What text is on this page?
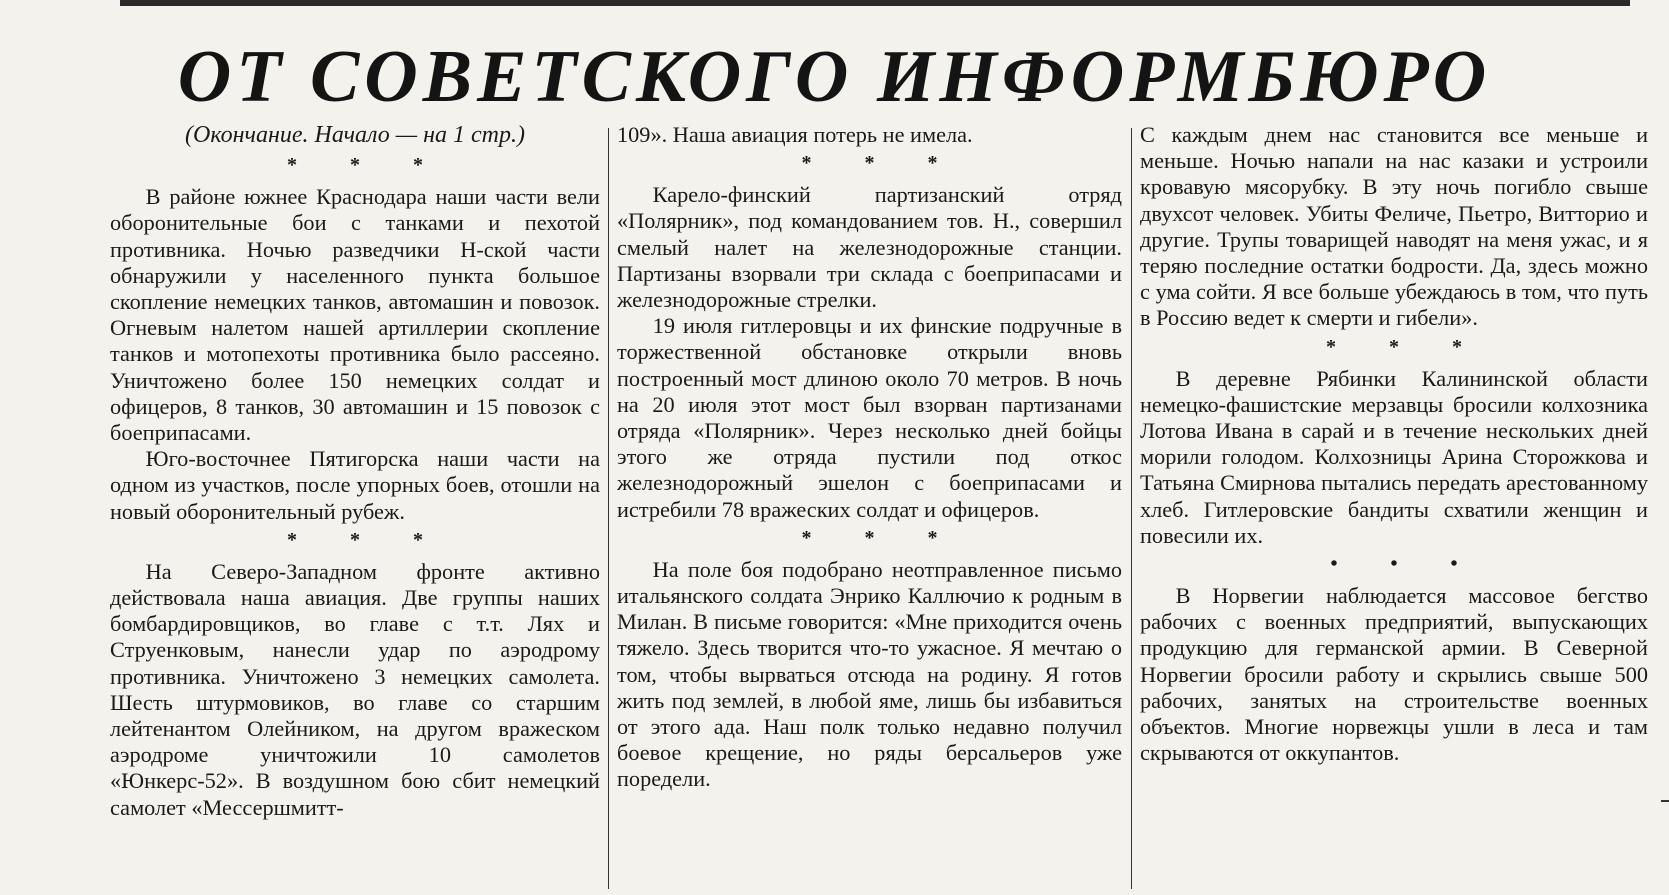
ОТ СОВЕТСКОГО ИНФОРМБЮРО

(Окончание. Начало — на 1 стр.)

* * *

В районе южнее Краснодара наши части вели оборонительные бои с танками и пехотой противника. Ночью разведчики Н-ской части обнаружили у населенного пункта большое скопление немецких танков, автомашин и повозок. Огневым налетом нашей артиллерии скопление танков и мотопехоты противника было рассеяно. Уничтожено более 150 немецких солдат и офицеров, 8 танков, 30 автомашин и 15 повозок с боеприпасами.

Юго-восточнее Пятигорска наши части на одном из участков, после упорных боев, отошли на новый оборонительный рубеж.

* * *

На Северо-Западном фронте активно действовала наша авиация. Две группы наших бомбардировщиков, во главе с т.т. Лях и Струенковым, нанесли удар по аэродрому противника. Уничтожено 3 немецких самолета. Шесть штурмовиков, во главе со старшим лейтенантом Олейником, на другом вражеском аэродроме уничтожили 10 самолетов «Юнкерс-52». В воздушном бою сбит немецкий самолет «Мессершмитт-

109». Наша авиация потерь не имела.

* * *

Карело-финский партизанский отряд «Полярник», под командованием тов. Н., совершил смелый налет на железнодорожные станции. Партизаны взорвали три склада с боеприпасами и железнодорожные стрелки.

19 июля гитлеровцы и их финские подручные в торжественной обстановке открыли вновь построенный мост длиною около 70 метров. В ночь на 20 июля этот мост был взорван партизанами отряда «Полярник». Через несколько дней бойцы этого же отряда пустили под откос железнодорожный эшелон с боеприпасами и истребили 78 вражеских солдат и офицеров.

* * *

На поле боя подобрано неотправленное письмо итальянского солдата Энрико Каллючио к родным в Милан. В письме говорится: «Мне приходится очень тяжело. Здесь творится что-то ужасное. Я мечтаю о том, чтобы вырваться отсюда на родину. Я готов жить под землей, в любой яме, лишь бы избавиться от этого ада. Наш полк только недавно получил боевое крещение, но ряды берсальеров уже поредели.

С каждым днем нас становится все меньше и меньше. Ночью напали на нас казаки и устроили кровавую мясорубку. В эту ночь погибло свыше двухсот человек. Убиты Феличе, Пьетро, Витторио и другие. Трупы товарищей наводят на меня ужас, и я теряю последние остатки бодрости. Да, здесь можно с ума сойти. Я все больше убеждаюсь в том, что путь в Россию ведет к смерти и гибели».

* * *

В деревне Рябинки Калининской области немецко-фашистские мерзавцы бросили колхозника Лотова Ивана в сарай и в течение нескольких дней морили голодом. Колхозницы Арина Сторожкова и Татьяна Смирнова пытались передать арестованному хлеб. Гитлеровские бандиты схватили женщин и повесили их.

• • •

В Норвегии наблюдается массовое бегство рабочих с военных предприятий, выпускающих продукцию для германской армии. В Северной Норвегии бросили работу и скрылись свыше 500 рабочих, занятых на строительстве военных объектов. Многие норвежцы ушли в леса и там скрываются от оккупантов.
